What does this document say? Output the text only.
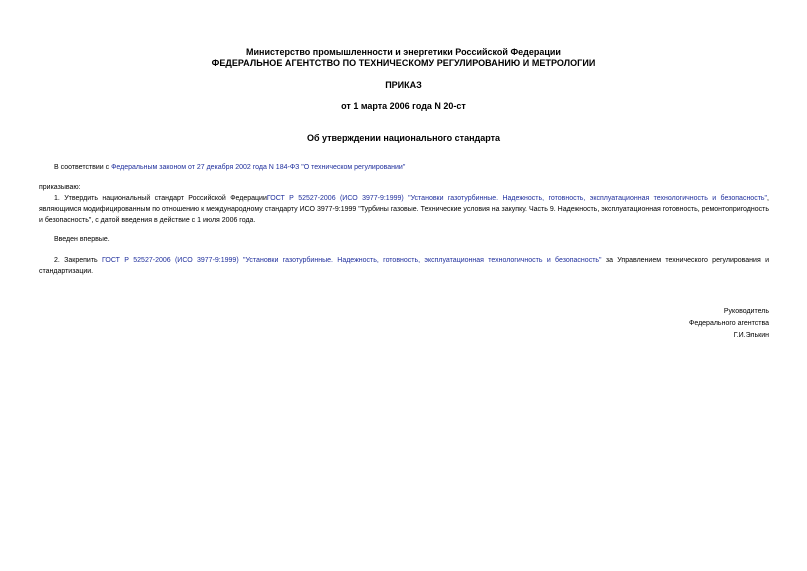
Министерство промышленности и энергетики Российской Федерации
ФЕДЕРАЛЬНОЕ АГЕНТСТВО ПО ТЕХНИЧЕСКОМУ РЕГУЛИРОВАНИЮ И МЕТРОЛОГИИ
ПРИКАЗ
от 1 марта 2006 года N 20-ст
Об утверждении национального стандарта
В соответствии с Федеральным законом от 27 декабря 2002 года N 184-ФЗ "О техническом регулировании"
приказываю:
1. Утвердить национальный стандарт Российской ФедерацииГОСТ Р 52527-2006 (ИСО 3977-9:1999) "Установки газотурбинные. Надежность, готовность, эксплуатационная технологичность и безопасность", являющимся модифицированным по отношению к международному стандарту ИСО 3977-9:1999 "Турбины газовые. Технические условия на закупку. Часть 9. Надежность, эксплуатационная готовность, ремонтопригодность и безопасность", с датой введения в действие с 1 июля 2006 года.
Введен впервые.
2. Закрепить ГОСТ Р 52527-2006 (ИСО 3977-9:1999) "Установки газотурбинные. Надежность, готовность, эксплуатационная технологичность и безопасность" за Управлением технического регулирования и стандартизации.
Руководитель
Федерального агентства
Г.И.Элькин
